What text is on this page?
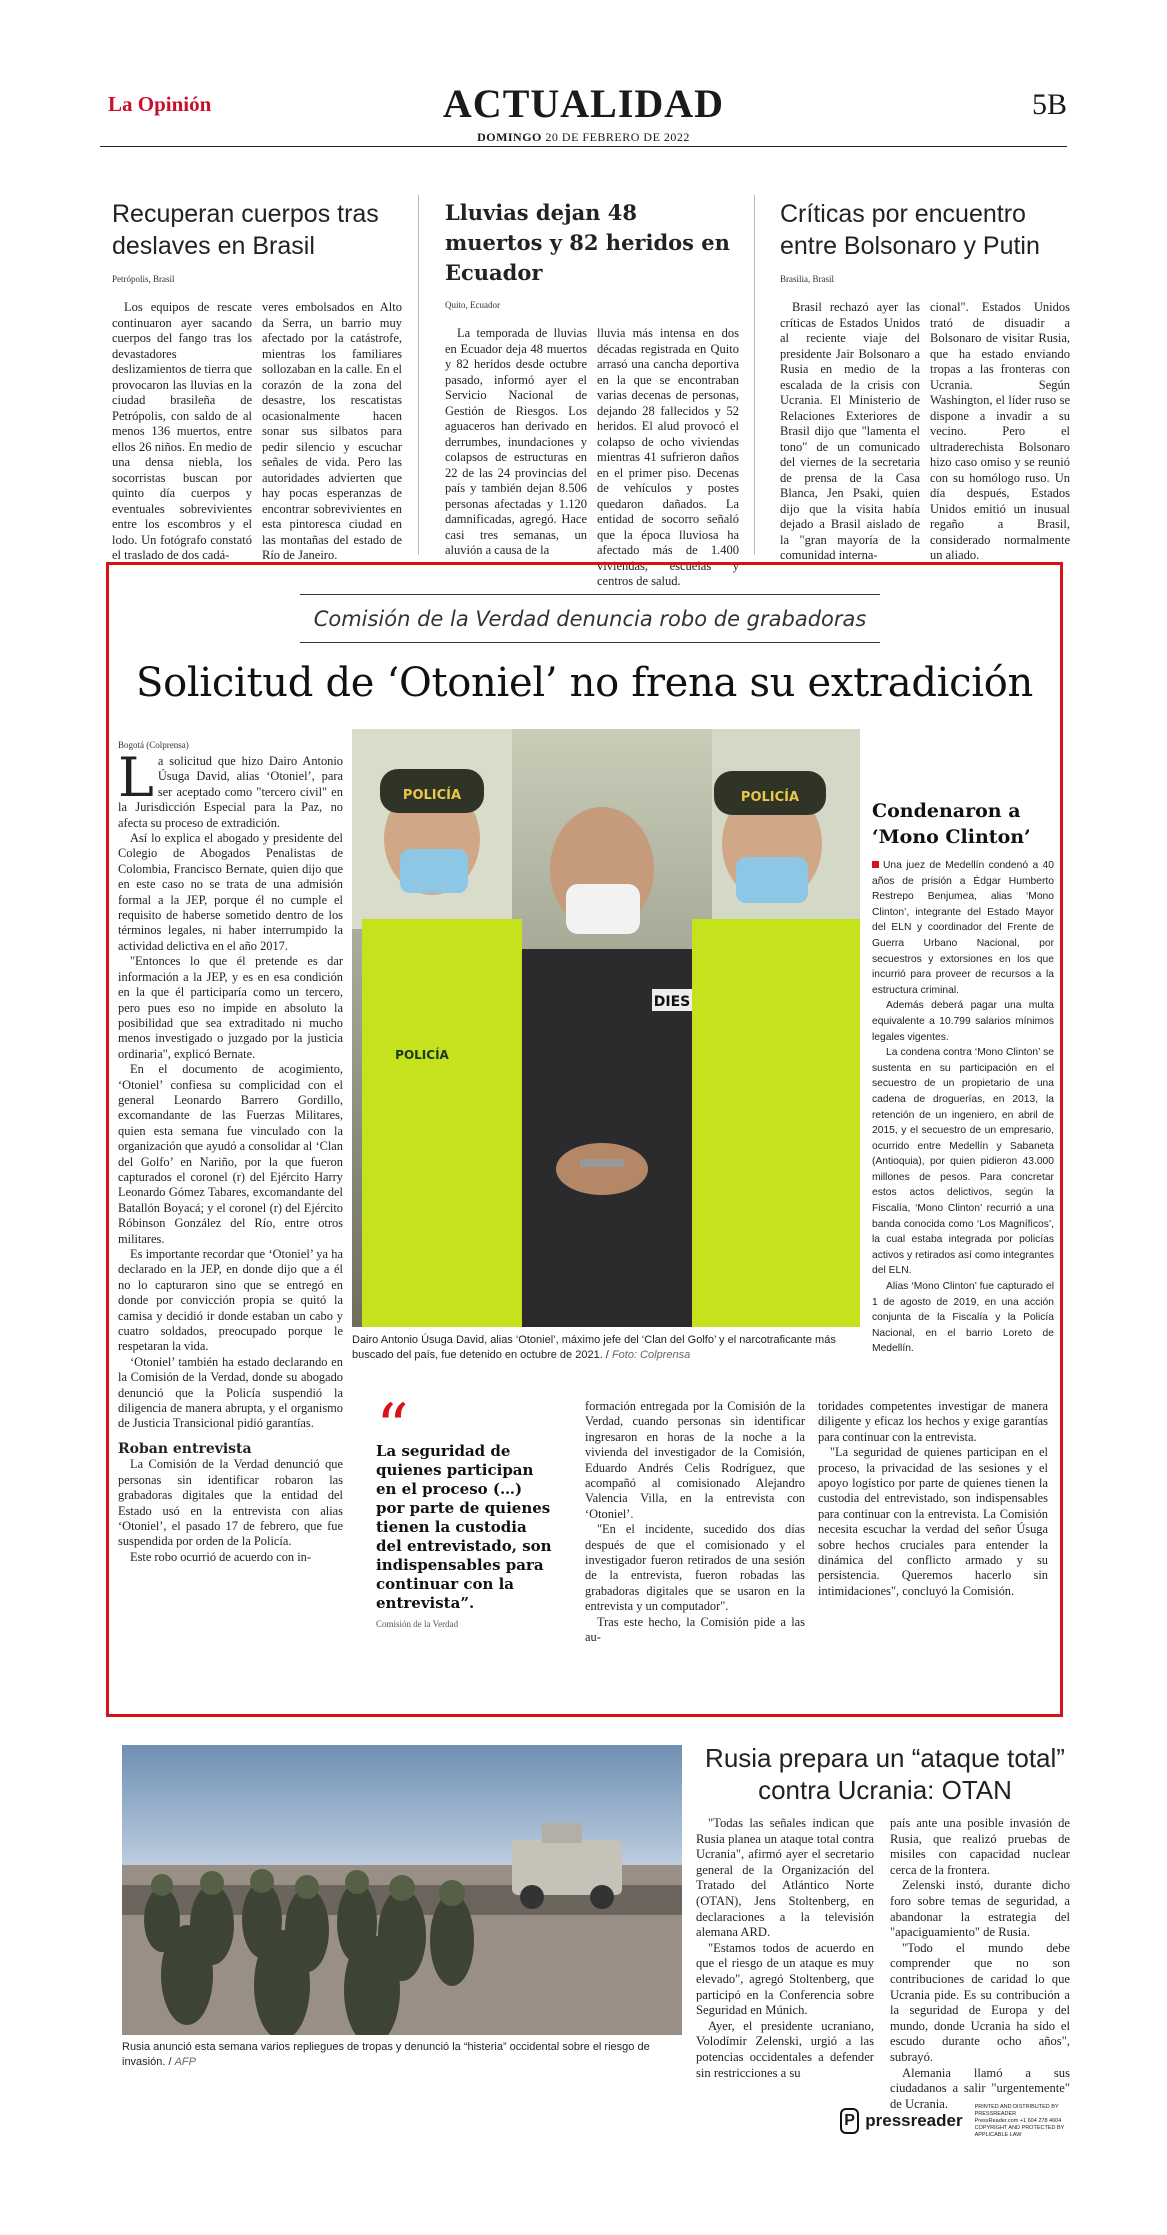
La Opinión	ACTUALIDAD
DOMINGO 20 DE FEBRERO DE 2022
5B
Recuperan cuerpos tras deslaves en Brasil
Petrópolis, Brasil

Los equipos de rescate continuaron ayer sacando cuerpos del fango tras los devastadores deslizamientos de tierra que provocaron las lluvias en la ciudad brasileña de Petrópolis, con saldo de al menos 136 muertos, entre ellos 26 niños. En medio de una densa niebla, los socorristas buscan por quinto día cuerpos y eventuales sobrevivientes entre los escombros y el lodo. Un fotógrafo constató el traslado de dos cadá-

veres embolsados en Alto da Serra, un barrio muy afectado por la catástrofe, mientras los familiares sollozaban en la calle. En el corazón de la zona del desastre, los rescatistas ocasionalmente hacen sonar sus silbatos para pedir silencio y escuchar señales de vida. Pero las autoridades advierten que hay pocas esperanzas de encontrar sobrevivientes en esta pintoresca ciudad en las montañas del estado de Río de Janeiro.

Lluvias dejan 48 muertos y 82 heridos en Ecuador
Quito, Ecuador

La temporada de lluvias en Ecuador deja 48 muertos y 82 heridos desde octubre pasado, informó ayer el Servicio Nacional de Gestión de Riesgos. Los aguaceros han derivado en derrumbes, inundaciones y colapsos de estructuras en 22 de las 24 provincias del país y también dejan 8.506 personas afectadas y 1.120 damnificadas, agregó. Hace casi tres semanas, un aluvión a causa de la

lluvia más intensa en dos décadas registrada en Quito arrasó una cancha deportiva en la que se encontraban varias decenas de personas, dejando 28 fallecidos y 52 heridos. El alud provocó el colapso de ocho viviendas mientras 41 sufrieron daños en el primer piso. Decenas de vehículos y postes quedaron dañados. La entidad de socorro señaló que la época lluviosa ha afectado más de 1.400 viviendas, escuelas y centros de salud.

Críticas por encuentro entre Bolsonaro y Putin
Brasilia, Brasil

Brasil rechazó ayer las críticas de Estados Unidos al reciente viaje del presidente Jair Bolsonaro a Rusia en medio de la escalada de la crisis con Ucrania. El Ministerio de Relaciones Exteriores de Brasil dijo que "lamenta el tono" de un comunicado del viernes de la secretaria de prensa de la Casa Blanca, Jen Psaki, quien dijo que la visita había dejado a Brasil aislado de la "gran mayoría de la comunidad interna-

cional". Estados Unidos trató de disuadir a Bolsonaro de visitar Rusia, que ha estado enviando tropas a las fronteras con Ucrania. Según Washington, el líder ruso se dispone a invadir a su vecino. Pero el ultraderechista Bolsonaro hizo caso omiso y se reunió con su homólogo ruso. Un día después, Estados Unidos emitió un inusual regaño a Brasil, considerado normalmente un aliado.

Comisión de la Verdad denuncia robo de grabadoras
Solicitud de ‘Otoniel’ no frena su extradición
Bogotá (Colprensa)
L a solicitud que hizo Dairo Antonio Úsuga David, alias ‘Otoniel’, para ser aceptado como "tercero civil" en la Jurisdicción Especial para la Paz, no afecta su proceso de extradición.

Así lo explica el abogado y presidente del Colegio de Abogados Penalistas de Colombia, Francisco Bernate, quien dijo que en este caso no se trata de una admisión formal a la JEP, porque él no cumple el requisito de haberse sometido dentro de los términos legales, ni haber interrumpido la actividad delictiva en el año 2017.

"Entonces lo que él pretende es dar información a la JEP, y es en esa condición en la que él participaría como un tercero, pero pues eso no impide en absoluto la posibilidad que sea extraditado ni mucho menos investigado o juzgado por la justicia ordinaria", explicó Bernate.

En el documento de acogimiento, ‘Otoniel’ confiesa su complicidad con el general Leonardo Barrero Gordillo, excomandante de las Fuerzas Militares, quien esta semana fue vinculado con la organización que ayudó a consolidar al ‘Clan del Golfo’ en Nariño, por la que fueron capturados el coronel (r) del Ejército Harry Leonardo Gómez Tabares, excomandante del Batallón Boyacá; y el coronel (r) del Ejército Róbinson González del Río, entre otros militares.

Es importante recordar que ‘Otoniel’ ya ha declarado en la JEP, en donde dijo que a él no lo capturaron sino que se entregó en donde por convicción propia se quitó la camisa y decidió ir donde estaban un cabo y cuatro soldados, preocupado porque le respetaran la vida.

‘Otoniel’ también ha estado declarando en la Comisión de la Verdad, donde su abogado denunció que la Policía suspendió la diligencia de manera abrupta, y el organismo de Justicia Transicional pidió garantías.

Roban entrevista

La Comisión de la Verdad denunció que personas sin identificar robaron las grabadoras digitales que la entidad del Estado usó en la entrevista con alias ‘Otoniel’, el pasado 17 de febrero, que fue suspendida por orden de la Policía.

Este robo ocurrió de acuerdo con in-

DIES
POLICÍA
POLICÍA
POLICÍA
Dairo Antonio Úsuga David, alias ‘Otoniel’, máximo jefe del ‘Clan del Golfo’ y el narcotraficante más buscado del país, fue detenido en octubre de 2021. / Foto: Colprensa
Condenaron a ‘Mono Clinton’

Una juez de Medellín condenó a 40 años de prisión a Édgar Humberto Restrepo Benjumea, alias ‘Mono Clinton’, integrante del Estado Mayor del ELN y coordinador del Frente de Guerra Urbano Nacional, por secuestros y extorsiones en los que incurrió para proveer de recursos a la estructura criminal.

Además deberá pagar una multa equivalente a 10.799 salarios mínimos legales vigentes.

La condena contra ‘Mono Clinton’ se sustenta en su participación en el secuestro de un propietario de una cadena de droguerías, en 2013, la retención de un ingeniero, en abril de 2015, y el secuestro de un empresario, ocurrido entre Medellín y Sabaneta (Antioquia), por quien pidieron 43.000 millones de pesos. Para concretar estos actos delictivos, según la Fiscalía, ‘Mono Clinton’ recurrió a una banda conocida como ‘Los Magníficos’, la cual estaba integrada por policías activos y retirados así como integrantes del ELN.

Alias ‘Mono Clinton’ fue capturado el 1 de agosto de 2019, en una acción conjunta de la Fiscalía y la Policía Nacional, en el barrio Loreto de Medellín.

“
La seguridad de quienes participan en el proceso (…) por parte de quienes tienen la custodia del entrevistado, son indispensables para continuar con la entrevista”.
Comisión de la Verdad

formación entregada por la Comisión de la Verdad, cuando personas sin identificar ingresaron en horas de la noche a la vivienda del investigador de la Comisión, Eduardo Andrés Celis Rodríguez, que acompañó al comisionado Alejandro Valencia Villa, en la entrevista con ‘Otoniel’.

"En el incidente, sucedido dos días después de que el comisionado y el investigador fueron retirados de una sesión de la entrevista, fueron robadas las grabadoras digitales que se usaron en la entrevista y un computador".

Tras este hecho, la Comisión pide a las au-

toridades competentes investigar de manera diligente y eficaz los hechos y exige garantías para continuar con la entrevista.

"La seguridad de quienes participan en el proceso, la privacidad de las sesiones y el apoyo logístico por parte de quienes tienen la custodia del entrevistado, son indispensables para continuar con la entrevista. La Comisión necesita escuchar la verdad del señor Úsuga sobre hechos cruciales para entender la dinámica del conflicto armado y su persistencia. Queremos hacerlo sin intimidaciones", concluyó la Comisión.

Rusia anunció esta semana varios repliegues de tropas y denunció la “histeria” occidental sobre el riesgo de invasión. / AFP
Rusia prepara un “ataque total” contra Ucrania: OTAN

"Todas las señales indican que Rusia planea un ataque total contra Ucrania", afirmó ayer el secretario general de la Organización del Tratado del Atlántico Norte (OTAN), Jens Stoltenberg, en declaraciones a la televisión alemana ARD.

"Estamos todos de acuerdo en que el riesgo de un ataque es muy elevado", agregó Stoltenberg, que participó en la Conferencia sobre Seguridad en Múnich.

Ayer, el presidente ucraniano, Volodímir Zelenski, urgió a las potencias occidentales a defender sin restricciones a su

país ante una posible invasión de Rusia, que realizó pruebas de misiles con capacidad nuclear cerca de la frontera.

Zelenski instó, durante dicho foro sobre temas de seguridad, a abandonar la estrategia del "apaciguamiento" de Rusia.

"Todo el mundo debe comprender que no son contribuciones de caridad lo que Ucrania pide. Es su contribución a la seguridad de Europa y del mundo, donde Ucrania ha sido el escudo durante ocho años", subrayó.

Alemania llamó a sus ciudadanos a salir "urgentemente" de Ucrania.

P pressreader
PRINTED AND DISTRIBUTED BY PRESSREADER
PressReader.com +1 604 278 4604
COPYRIGHT AND PROTECTED BY APPLICABLE LAW
